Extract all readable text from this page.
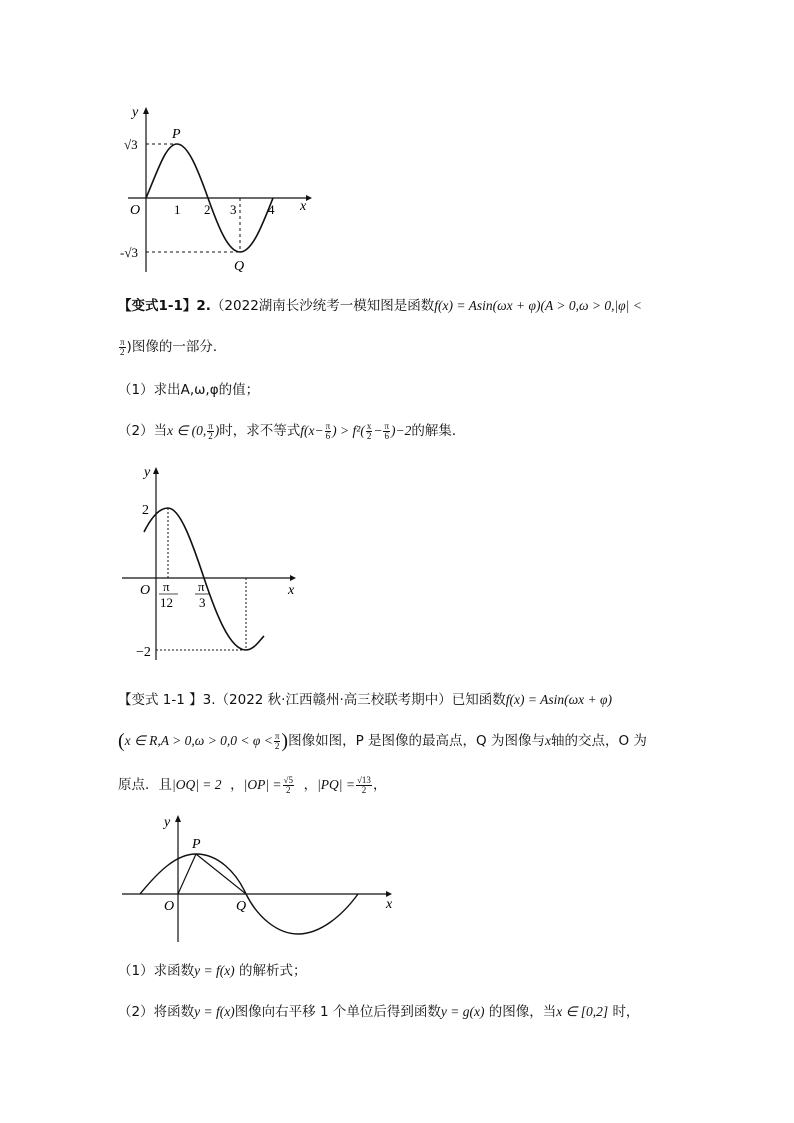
y
x
O
P
Q
√3
-√3
1 2 3 4
【变式1-1】2.（2022湖南长沙统考一模知图是函数f(x) = Asin(ωx + φ)(A > 0,ω > 0,|φ| <
$\frac{\pi}{2}$ )图像的一部分．
（1）求出A,ω,φ的值；
（2）当x ∈ (0, $\frac{\pi}{2}$ )时，求不等式$f(x- \frac{\pi}{6}$ ) > $f^2( \frac{x}{2} - \frac{\pi}{6} )-2$的解集．
y
x
O
2
−2
π
12
π
3
【变式 1-1 】3.（2022 秋·江西赣州·高三校联考期中）已知函数f(x) = Asin(ωx + φ)
(x ∈ $R,A > 0,\omega > 0,0 < \varphi < \frac{\pi}{2}$ )图像如图，P 是图像的最高点，Q 为图像与x轴的交点，O 为
原点．且|OQ| = 2 ，$|OP| = \frac{√5}{2}$ ，$|PQ| = \frac{√13}{2}$ ，
y
x
O
P
Q
（1）求函数y = f(x) 的解析式；
（2）将函数y = f(x)图像向右平移 1 个单位后得到函数y = g(x) 的图像，当x ∈ [0,2] 时，
